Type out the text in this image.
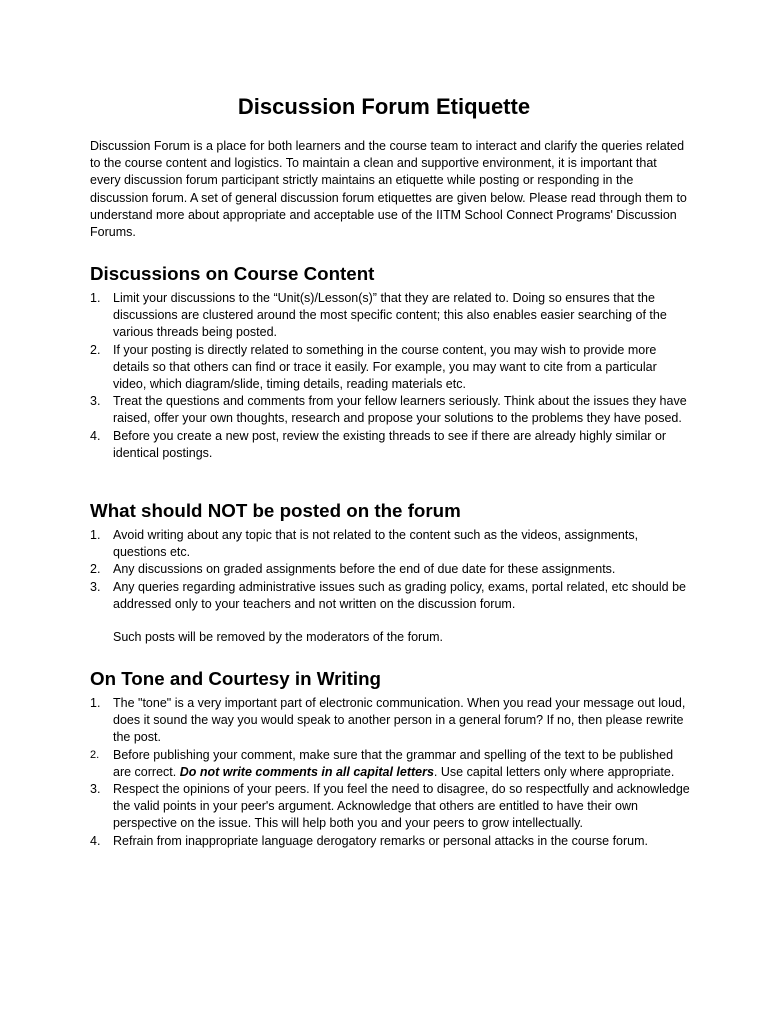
Discussion Forum Etiquette

Discussion Forum is a place for both learners and the course team to interact and clarify the queries related to the course content and logistics. To maintain a clean and supportive environment, it is important that every discussion forum participant strictly maintains an etiquette while posting or responding in the discussion forum. A set of general discussion forum etiquettes are given below. Please read through them to understand more about appropriate and acceptable use of the IITM School Connect Programs' Discussion Forums.

Discussions on Course Content
1. Limit your discussions to the “Unit(s)/Lesson(s)” that they are related to. Doing so ensures that the discussions are clustered around the most specific content; this also enables easier searching of the various threads being posted.
2. If your posting is directly related to something in the course content, you may wish to provide more details so that others can find or trace it easily. For example, you may want to cite from a particular video, which diagram/slide, timing details, reading materials etc.
3. Treat the questions and comments from your fellow learners seriously. Think about the issues they have raised, offer your own thoughts, research and propose your solutions to the problems they have posed.
4. Before you create a new post, review the existing threads to see if there are already highly similar or identical postings.
What should NOT be posted on the forum
1. Avoid writing about any topic that is not related to the content such as the videos, assignments, questions etc.
2. Any discussions on graded assignments before the end of due date for these assignments.
3. Any queries regarding administrative issues such as grading policy, exams, portal related, etc should be addressed only to your teachers and not written on the discussion forum.

Such posts will be removed by the moderators of the forum.

On Tone and Courtesy in Writing
1. The "tone" is a very important part of electronic communication. When you read your message out loud, does it sound the way you would speak to another person in a general forum? If no, then please rewrite the post.
2. Before publishing your comment, make sure that the grammar and spelling of the text to be published are correct. Do not write comments in all capital letters. Use capital letters only where appropriate.
3. Respect the opinions of your peers. If you feel the need to disagree, do so respectfully and acknowledge the valid points in your peer's argument. Acknowledge that others are entitled to have their own perspective on the issue. This will help both you and your peers to grow intellectually.
4. Refrain from inappropriate language derogatory remarks or personal attacks in the course forum.
